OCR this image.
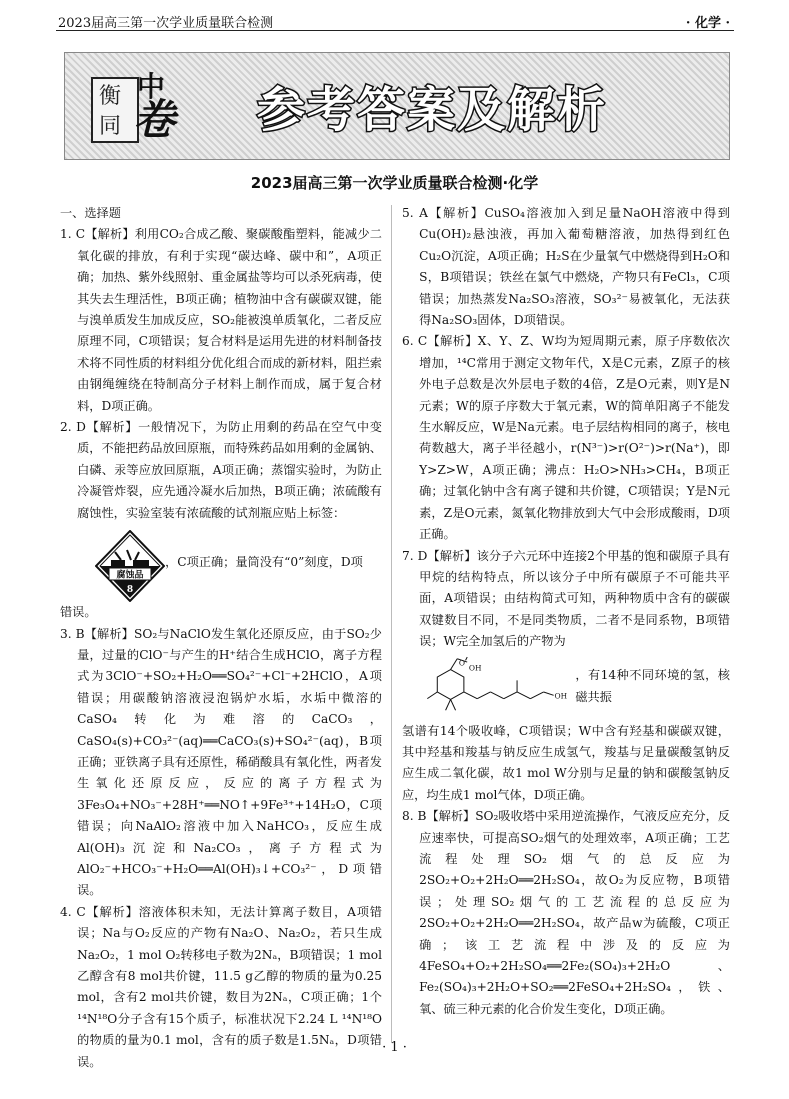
2023届高三第一次学业质量联合检测	· 化学 ·
衡
同
中
卷 参考答案及解析
2023届高三第一次学业质量联合检测·化学

一、选择题

1. C【解析】利用CO₂合成乙酸、聚碳酸酯塑料，能减少二氧化碳的排放，有利于实现“碳达峰、碳中和”，A项正确；加热、紫外线照射、重金属盐等均可以杀死病毒，使其失去生理活性，B项正确；植物油中含有碳碳双键，能与溴单质发生加成反应，SO₂能被溴单质氧化，二者反应原理不同，C项错误；复合材料是运用先进的材料制备技术将不同性质的材料组分优化组合而成的新材料，阻拦索由钢绳缠绕在特制高分子材料上制作而成，属于复合材料，D项正确。

2. D【解析】一般情况下，为防止用剩的药品在空气中变质，不能把药品放回原瓶，而特殊药品如用剩的金属钠、白磷、汞等应放回原瓶，A项正确；蒸馏实验时，为防止冷凝管炸裂，应先通冷凝水后加热，B项正确；浓硫酸有腐蚀性，实验室装有浓硫酸的试剂瓶应贴上标签：

腐蚀品
8
，C项正确；量筒没有“0”刻度，D项

错误。

3. B【解析】SO₂与NaClO发生氧化还原反应，由于SO₂少量，过量的ClO⁻与产生的H⁺结合生成HClO，离子方程式为3ClO⁻+SO₂+H₂O══SO₄²⁻+Cl⁻+2HClO，A项错误；用碳酸钠溶液浸泡锅炉水垢，水垢中微溶的CaSO₄转化为难溶的CaCO₃，CaSO₄(s)+CO₃²⁻(aq)══CaCO₃(s)+SO₄²⁻(aq)，B项正确；亚铁离子具有还原性，稀硝酸具有氧化性，两者发生氧化还原反应，反应的离子方程式为3Fe₃O₄+NO₃⁻+28H⁺══NO↑+9Fe³⁺+14H₂O，C项错误；向NaAlO₂溶液中加入NaHCO₃，反应生成Al(OH)₃沉淀和Na₂CO₃，离子方程式为AlO₂⁻+HCO₃⁻+H₂O══Al(OH)₃↓+CO₃²⁻，D项错误。

4. C【解析】溶液体积未知，无法计算离子数目，A项错误；Na与O₂反应的产物有Na₂O、Na₂O₂，若只生成Na₂O₂，1 mol O₂转移电子数为2Nₐ，B项错误；1 mol乙醇含有8 mol共价键，11.5 g乙醇的物质的量为0.25 mol，含有2 mol共价键，数目为2Nₐ，C项正确；1个¹⁴N¹⁸O分子含有15个质子，标准状况下2.24 L ¹⁴N¹⁸O的物质的量为0.1 mol，含有的质子数是1.5Nₐ，D项错误。

5. A【解析】CuSO₄溶液加入到足量NaOH溶液中得到Cu(OH)₂悬浊液，再加入葡萄糖溶液，加热得到红色Cu₂O沉淀，A项正确；H₂S在少量氧气中燃烧得到H₂O和S，B项错误；铁丝在氯气中燃烧，产物只有FeCl₃，C项错误；加热蒸发Na₂SO₃溶液，SO₃²⁻易被氧化，无法获得Na₂SO₃固体，D项错误。

6. C【解析】X、Y、Z、W均为短周期元素，原子序数依次增加，¹⁴C常用于测定文物年代，X是C元素，Z原子的核外电子总数是次外层电子数的4倍，Z是O元素，则Y是N元素；W的原子序数大于氧元素，W的简单阳离子不能发生水解反应，W是Na元素。电子层结构相同的离子，核电荷数越大，离子半径越小，r(N³⁻)>r(O²⁻)>r(Na⁺)，即Y>Z>W，A项正确；沸点：H₂O>NH₃>CH₄，B项正确；过氧化钠中含有离子键和共价键，C项错误；Y是N元素，Z是O元素，氮氧化物排放到大气中会形成酸雨，D项正确。

7. D【解析】该分子六元环中连接2个甲基的饱和碳原子具有甲烷的结构特点，所以该分子中所有碳原子不可能共平面，A项错误；由结构简式可知，两种物质中含有的碳碳双键数目不同，不是同类物质，二者不是同系物，B项错误；W完全加氢后的产物为

O
OH
OH
，有14种不同环境的氢，核磁共振

氢谱有14个吸收峰，C项错误；W中含有羟基和碳碳双键，其中羟基和羧基与钠反应生成氢气，羧基与足量碳酸氢钠反应生成二氧化碳，故1 mol W分别与足量的钠和碳酸氢钠反应，均生成1 mol气体，D项正确。

8. B【解析】SO₂吸收塔中采用逆流操作，气液反应充分，反应速率快，可提高SO₂烟气的处理效率，A项正确；工艺流程处理SO₂烟气的总反应为2SO₂+O₂+2H₂O══2H₂SO₄，故O₂为反应物，B项错误；处理SO₂烟气的工艺流程的总反应为2SO₂+O₂+2H₂O══2H₂SO₄，故产品w为硫酸，C项正确；该工艺流程中涉及的反应为4FeSO₄+O₂+2H₂SO₄══2Fe₂(SO₄)₃+2H₂O、Fe₂(SO₄)₃+2H₂O+SO₂══2FeSO₄+2H₂SO₄，铁、氧、硫三种元素的化合价发生变化，D项正确。

· 1 ·
